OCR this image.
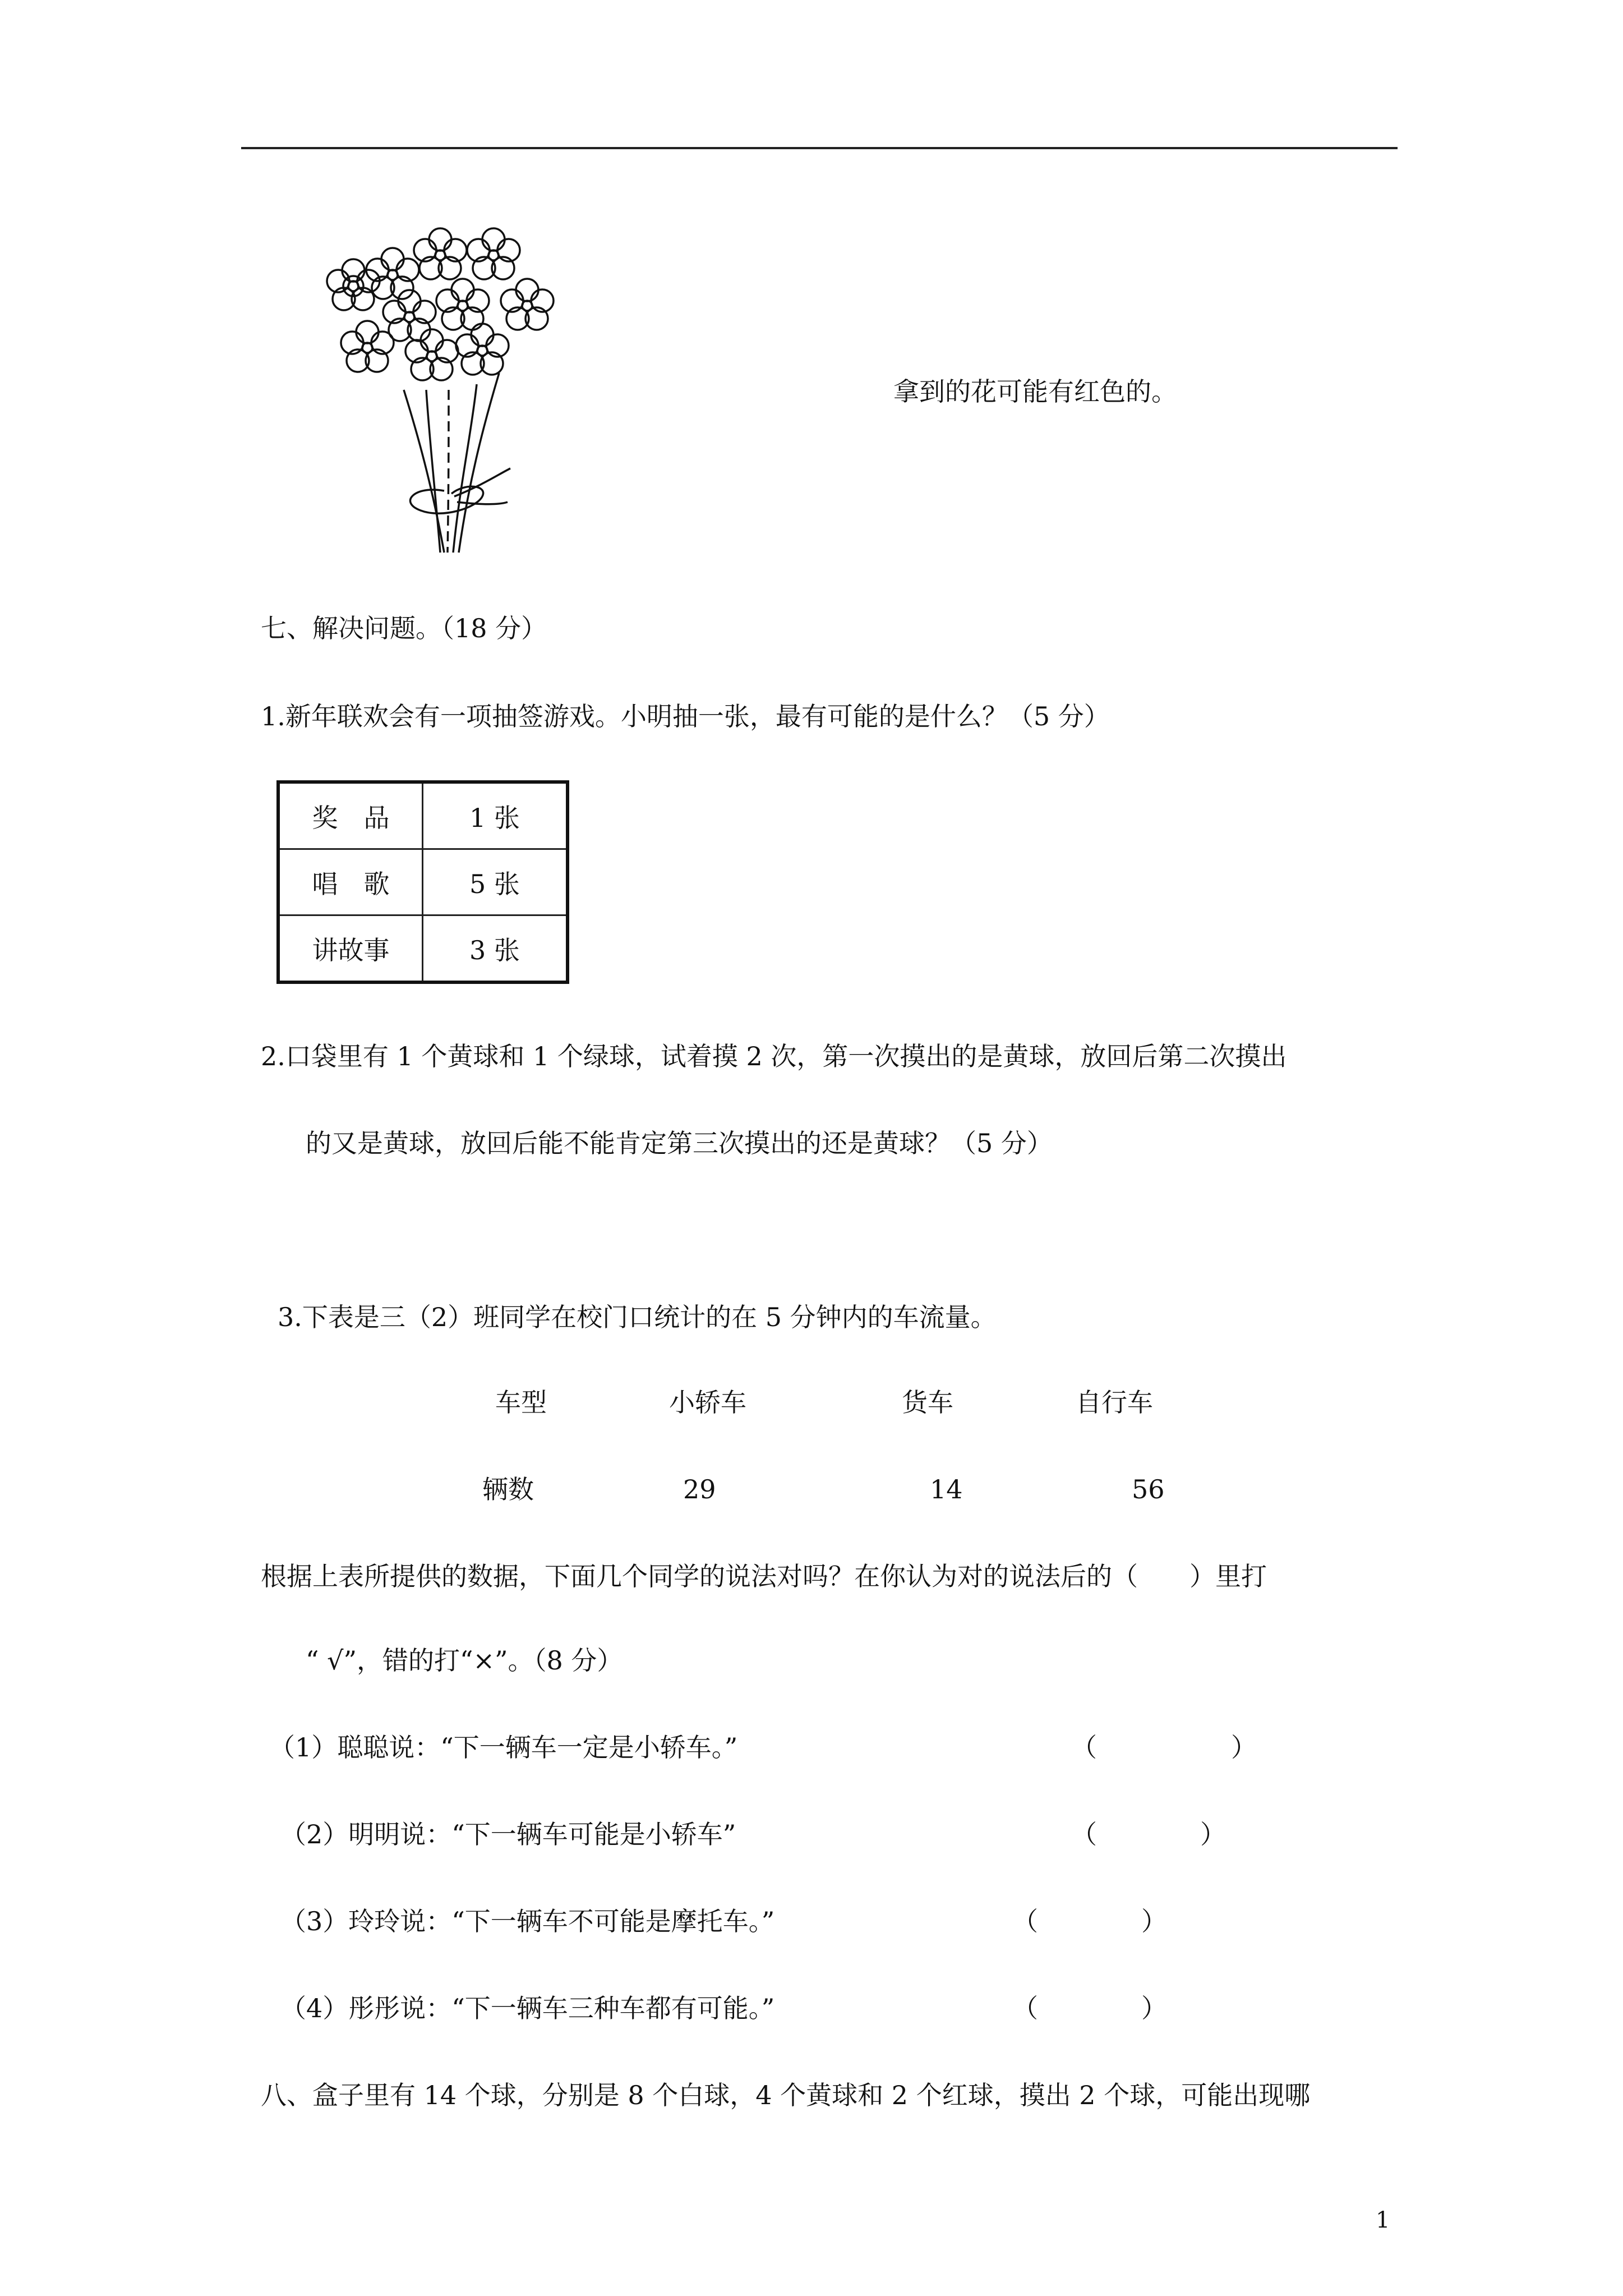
拿到的花可能有红色的。
七、解决问题。（18 分）
1.新年联欢会有一项抽签游戏。小明抽一张，最有可能的是什么？（5 分）
奖　品	1 张
唱　歌	5 张
讲故事	3 张
2.口袋里有 1 个黄球和 1 个绿球，试着摸 2 次，第一次摸出的是黄球，放回后第二次摸出
的又是黄球，放回后能不能肯定第三次摸出的还是黄球？（5 分）
3.下表是三（2）班同学在校门口统计的在 5 分钟内的车流量。
车型	小轿车	货车	自行车
辆数	29	14	56
根据上表所提供的数据，下面几个同学的说法对吗？在你认为对的说法后的（　　）里打
“ √”，错的打“×”。（8 分）
（1）聪聪说：“下一辆车一定是小轿车。”	（	）
（2）明明说：“下一辆车可能是小轿车”	（	）
（3）玲玲说：“下一辆车不可能是摩托车。”	（	）
（4）彤彤说：“下一辆车三种车都有可能。”	（	）
八、盒子里有 14 个球，分别是 8 个白球，4 个黄球和 2 个红球，摸出 2 个球，可能出现哪
1
